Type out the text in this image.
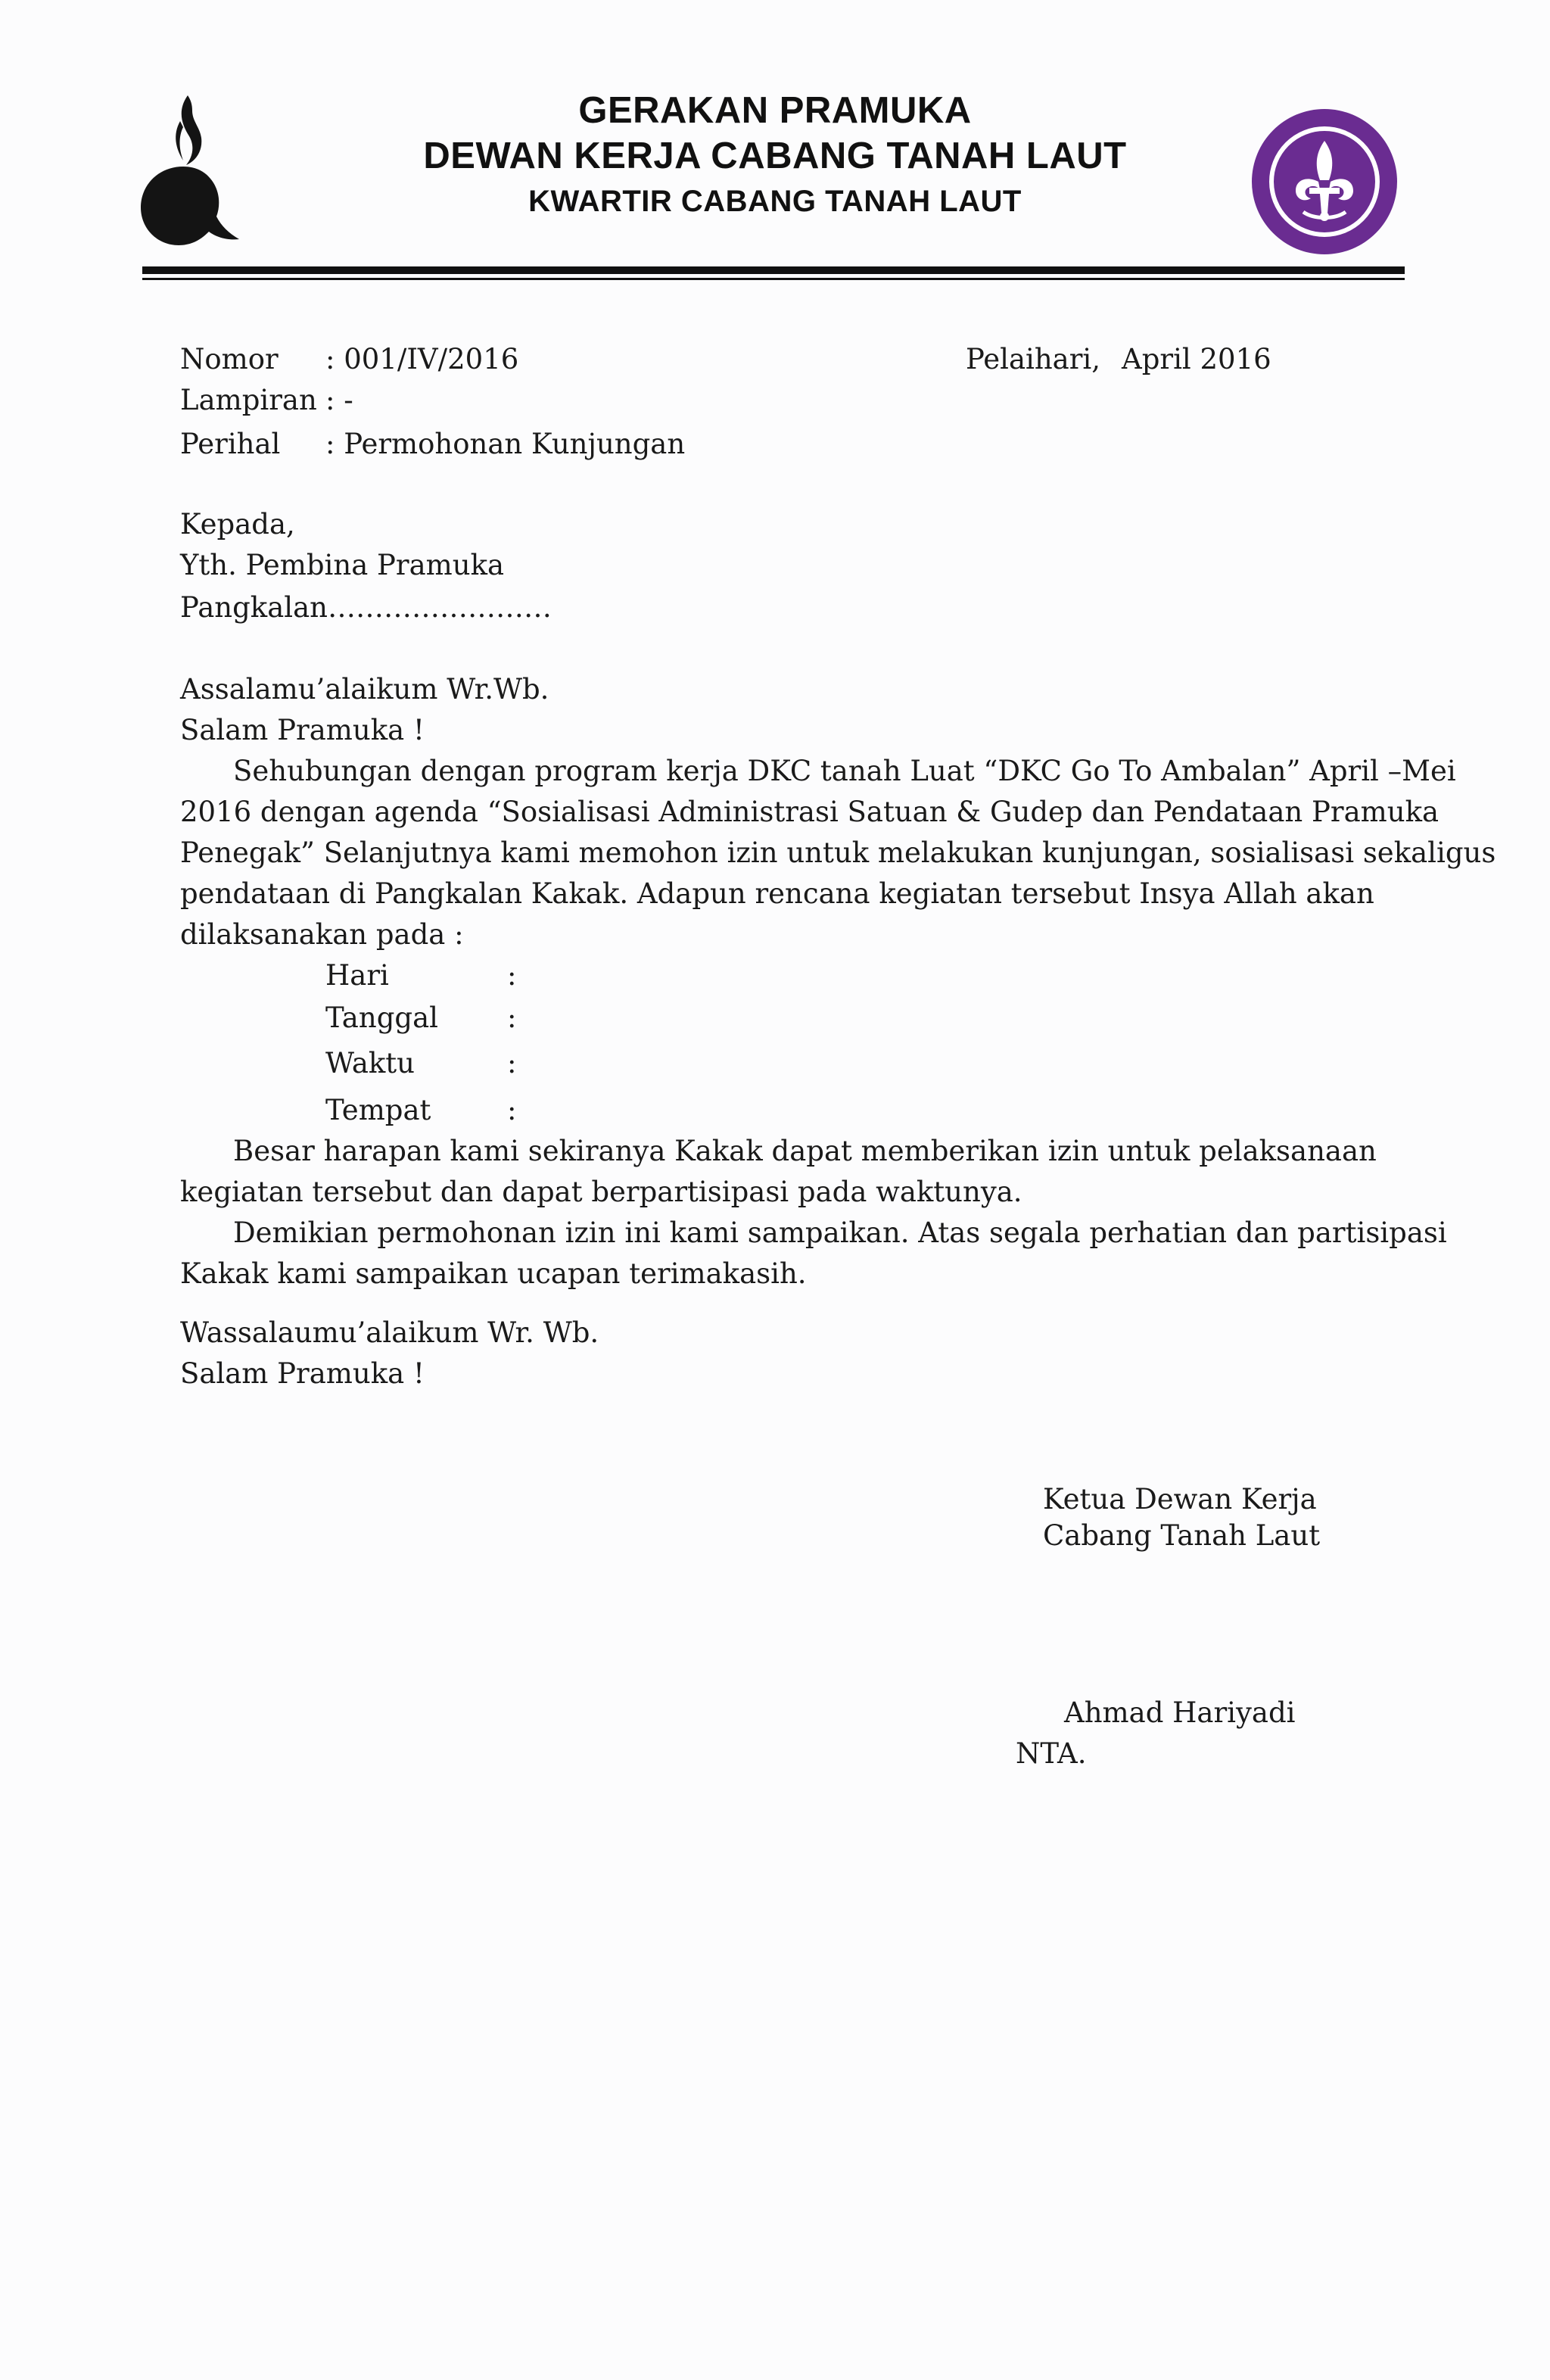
GERAKAN PRAMUKA
DEWAN KERJA CABANG TANAH LAUT
KWARTIR CABANG TANAH LAUT
Nomor : 001/IV/2016	Pelaihari, April 2016
Lampiran : -
Perihal : Permohonan Kunjungan
Kepada,
Yth. Pembina Pramuka
Pangkalan……………………
Assalamu’alaikum Wr.Wb.
Salam Pramuka !
Sehubungan dengan program kerja DKC tanah Luat “DKC Go To Ambalan” April –Mei
2016 dengan agenda “Sosialisasi Administrasi Satuan & Gudep dan Pendataan Pramuka
Penegak” Selanjutnya kami memohon izin untuk melakukan kunjungan, sosialisasi sekaligus
pendataan di Pangkalan Kakak. Adapun rencana kegiatan tersebut Insya Allah akan
dilaksanakan pada :
Hari	:
Tanggal :
Waktu	:
Tempat	:
Besar harapan kami sekiranya Kakak dapat memberikan izin untuk pelaksanaan
kegiatan tersebut dan dapat berpartisipasi pada waktunya.
Demikian permohonan izin ini kami sampaikan. Atas segala perhatian dan partisipasi
Kakak kami sampaikan ucapan terimakasih.
Wassalaumu’alaikum Wr. Wb.
Salam Pramuka !
Ketua Dewan Kerja
Cabang Tanah Laut
Ahmad Hariyadi
NTA.
